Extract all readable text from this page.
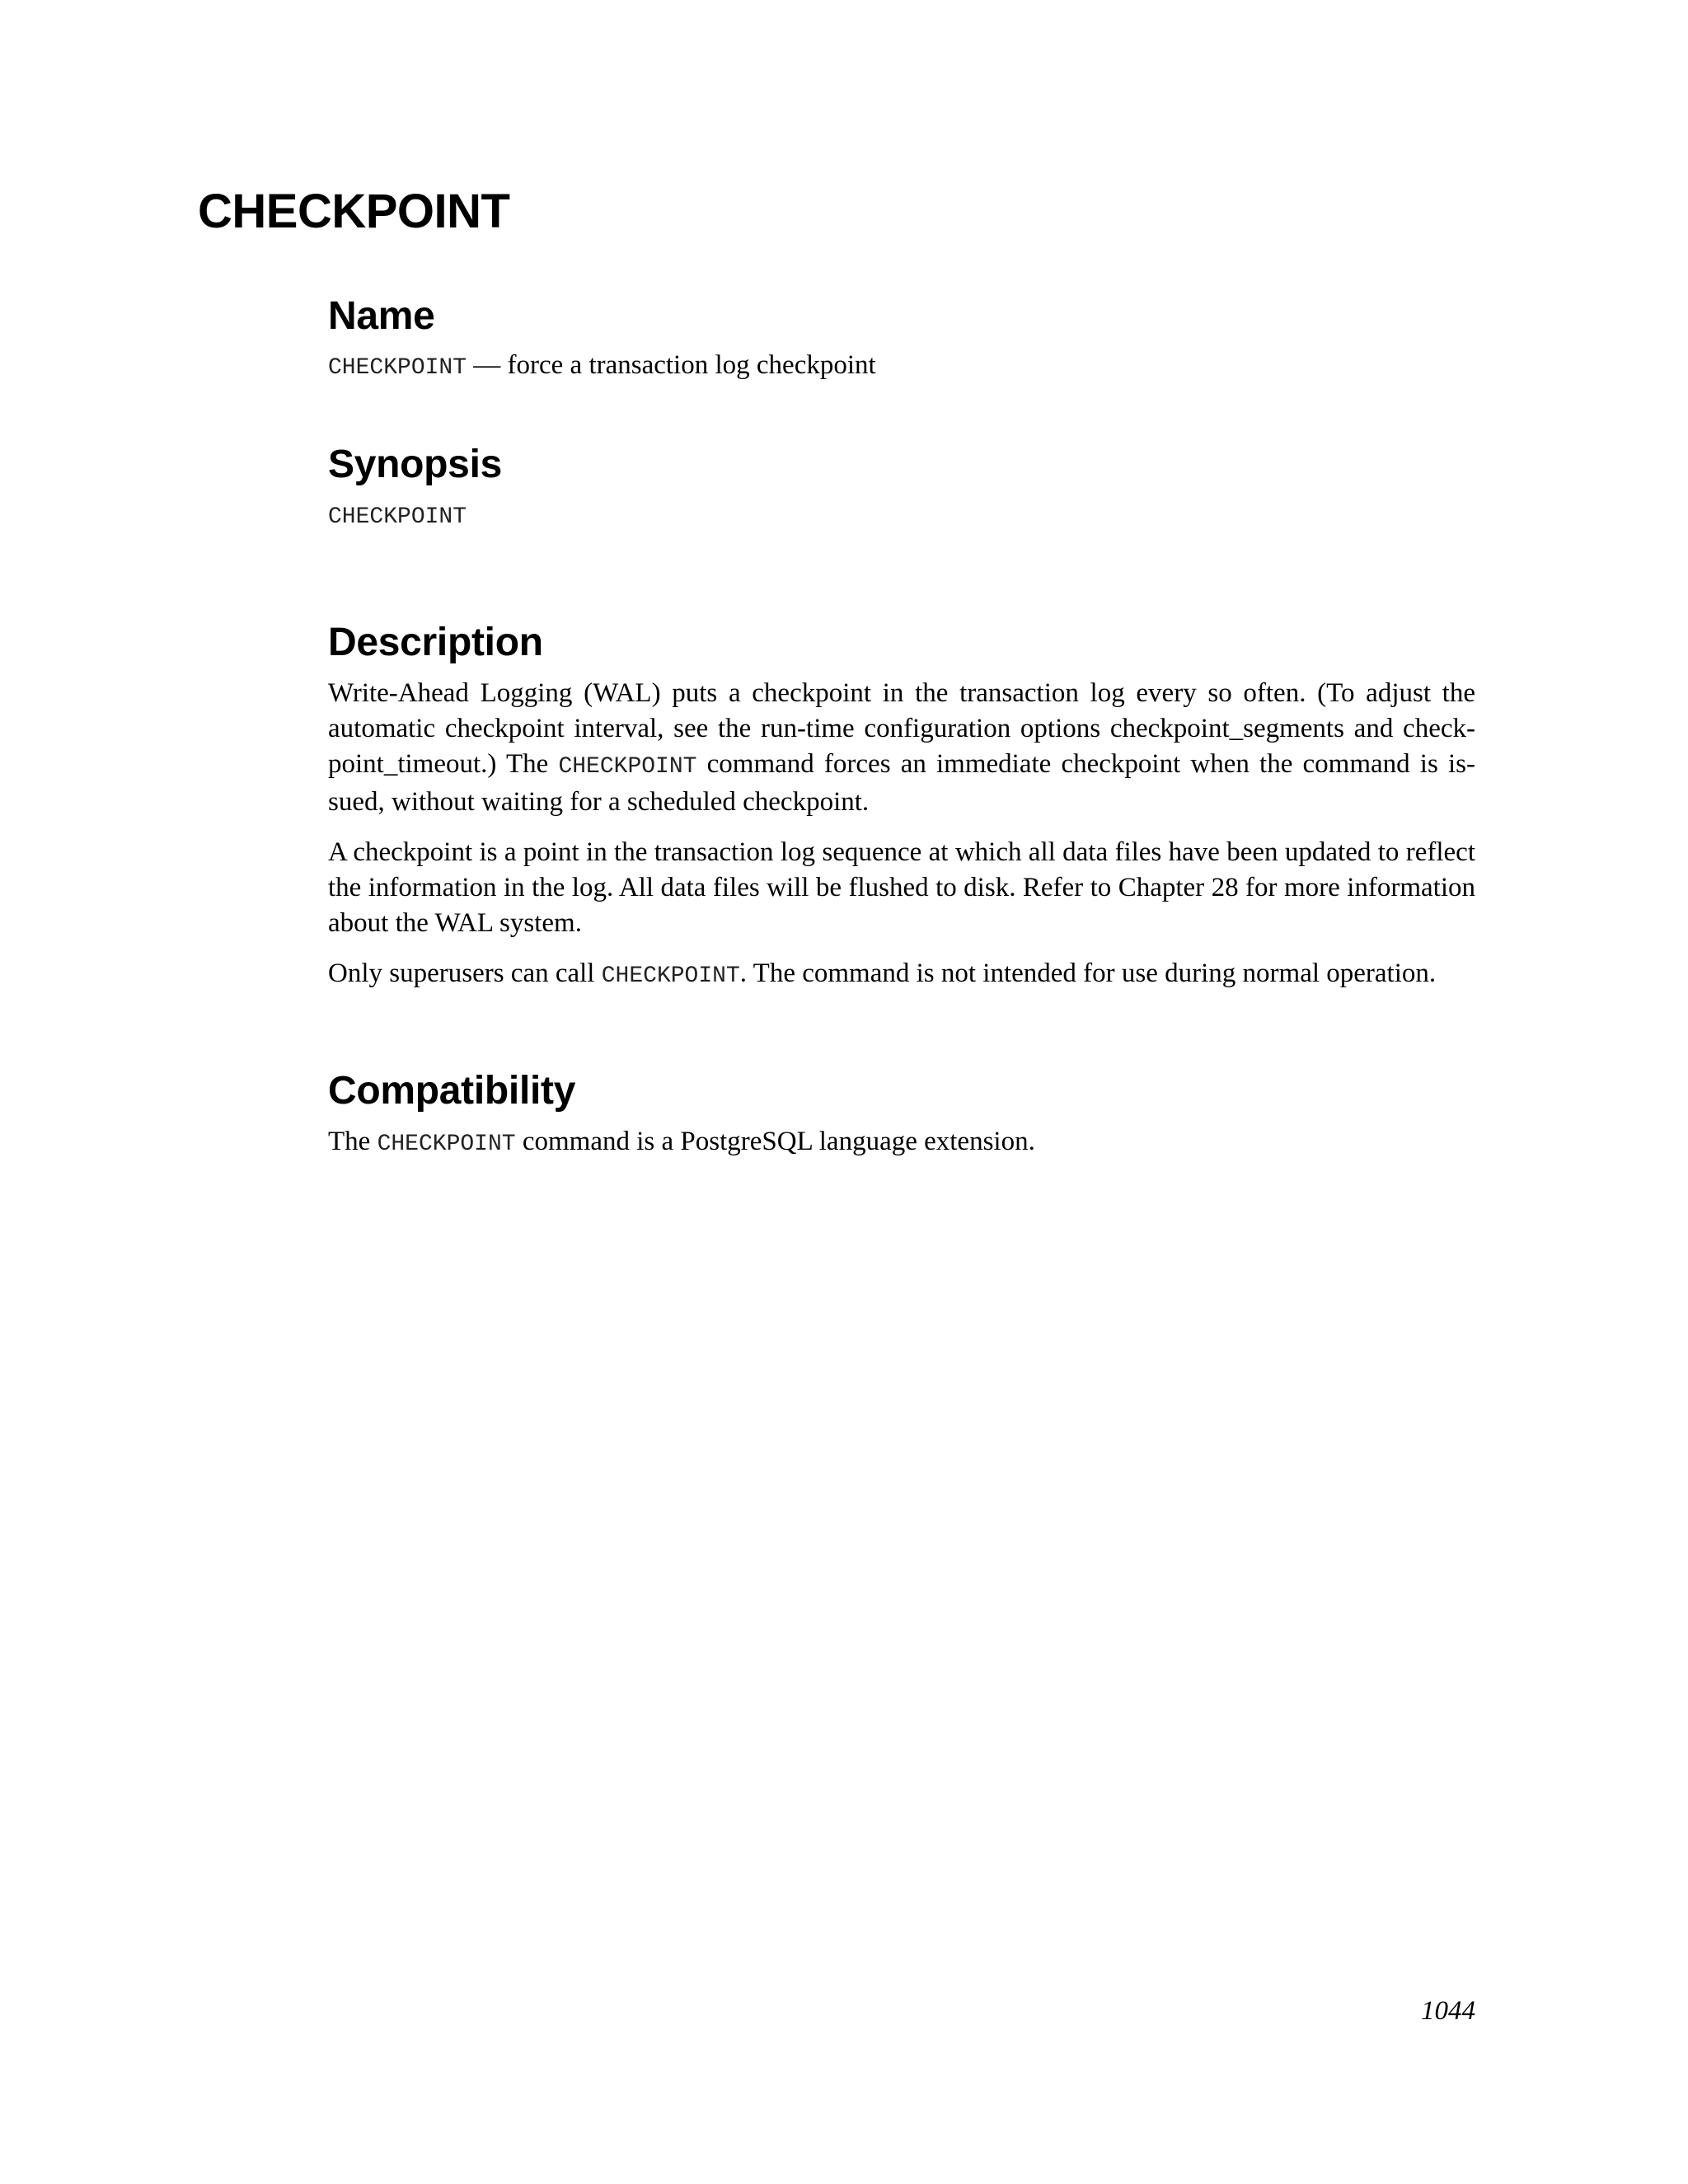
CHECKPOINT
Name

CHECKPOINT — force a transaction log checkpoint

Synopsis
CHECKPOINT
Description

Write-Ahead Logging (WAL) puts a checkpoint in the transaction log every so often. (To adjust the automatic checkpoint interval, see the run-time configuration options checkpoint_segments and checkpoint_timeout.) The CHECKPOINT command forces an immediate checkpoint when the command is issued, without waiting for a scheduled checkpoint.

A checkpoint is a point in the transaction log sequence at which all data files have been updated to reflect the information in the log. All data files will be flushed to disk. Refer to Chapter 28 for more information about the WAL system.

Only superusers can call CHECKPOINT. The command is not intended for use during normal operation.

Compatibility

The CHECKPOINT command is a PostgreSQL language extension.

1044
